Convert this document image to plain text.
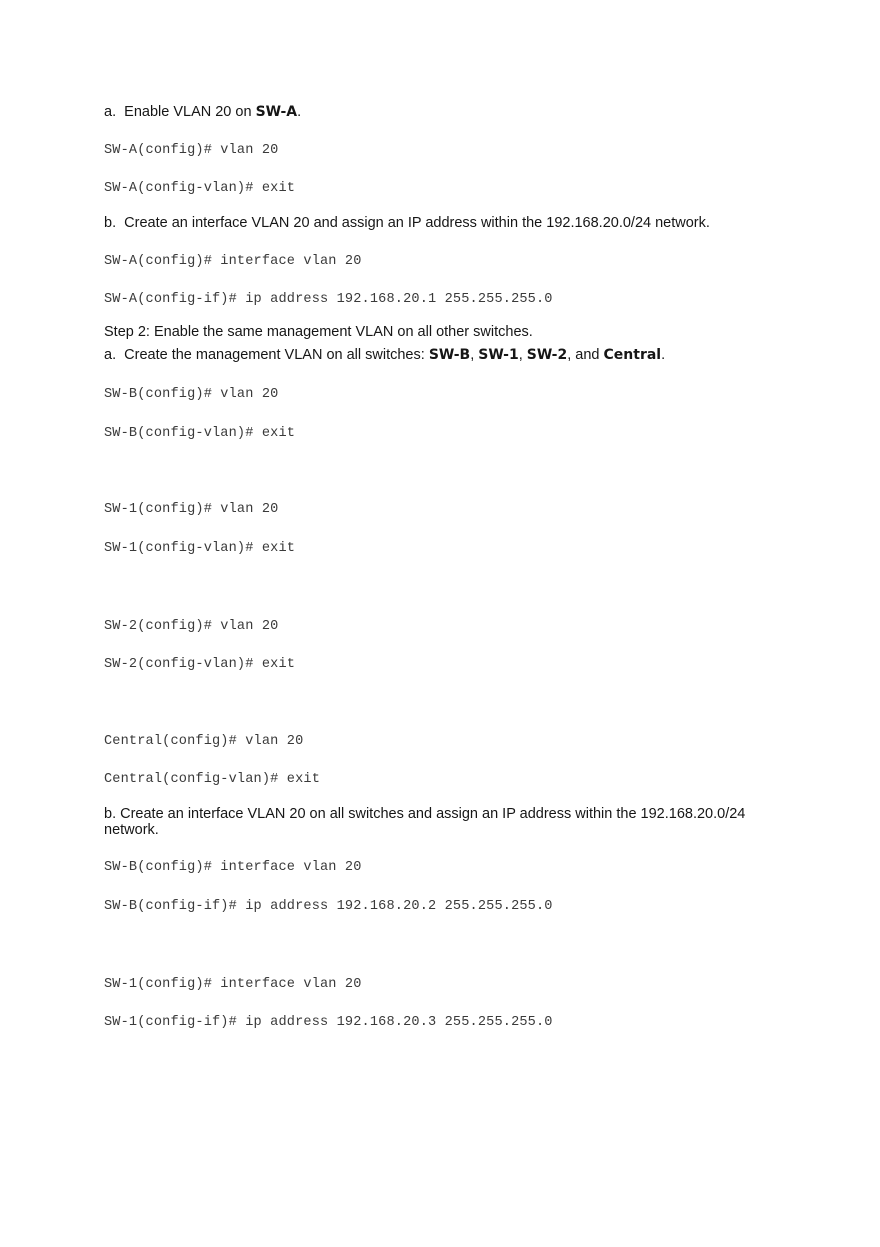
a.  Enable VLAN 20 on SW-A.
SW-A(config)# vlan 20
SW-A(config-vlan)# exit
b.  Create an interface VLAN 20 and assign an IP address within the 192.168.20.0/24 network.
SW-A(config)# interface vlan 20
SW-A(config-if)# ip address 192.168.20.1 255.255.255.0
Step 2: Enable the same management VLAN on all other switches.
a.  Create the management VLAN on all switches: SW-B, SW-1, SW-2, and Central.
SW-B(config)# vlan 20
SW-B(config-vlan)# exit
SW-1(config)# vlan 20
SW-1(config-vlan)# exit
SW-2(config)# vlan 20
SW-2(config-vlan)# exit
Central(config)# vlan 20
Central(config-vlan)# exit
b. Create an interface VLAN 20 on all switches and assign an IP address within the 192.168.20.0/24 network.
SW-B(config)# interface vlan 20
SW-B(config-if)# ip address 192.168.20.2 255.255.255.0
SW-1(config)# interface vlan 20
SW-1(config-if)# ip address 192.168.20.3 255.255.255.0
